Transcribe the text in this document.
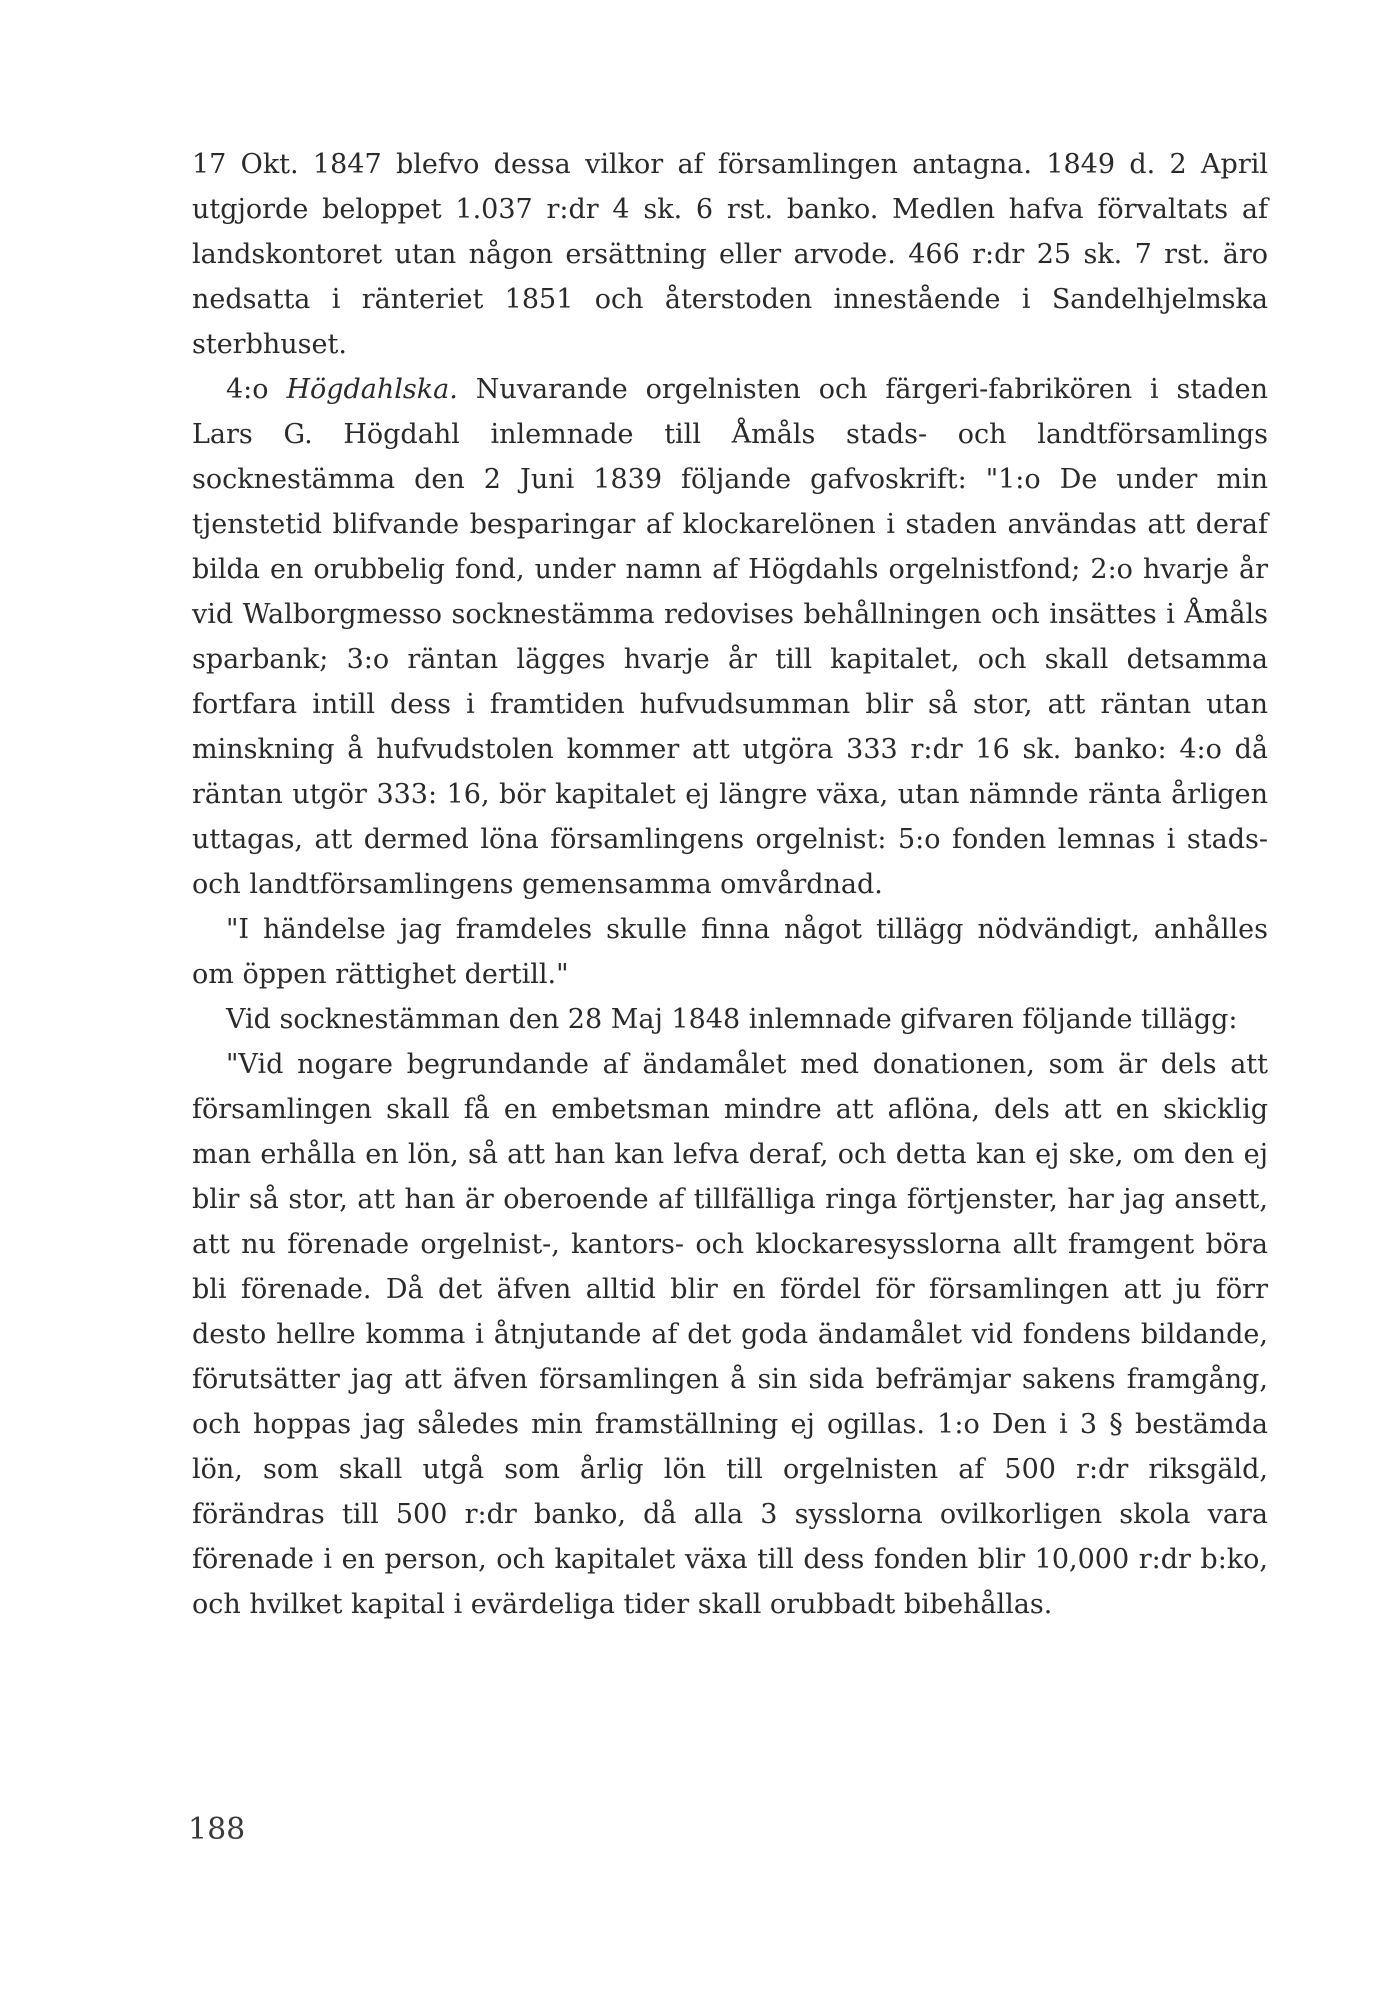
17 Okt. 1847 blefvo dessa vilkor af församlingen antagna. 1849 d. 2 April utgjorde beloppet 1.037 r:dr 4 sk. 6 rst. banko. Medlen hafva förvaltats af landskontoret utan någon ersättning eller arvode. 466 r:dr 25 sk. 7 rst. äro nedsatta i ränteriet 1851 och återstoden innestående i Sandelhjelmska sterbhuset.

4:o Högdahlska. Nuvarande orgelnisten och färgeri-fabrikören i staden Lars G. Högdahl inlemnade till Åmåls stads- och landtförsamlings socknestämma den 2 Juni 1839 följande gafvoskrift: "1:o De under min tjenstetid blifvande besparingar af klockarelönen i staden användas att deraf bilda en orubbelig fond, under namn af Högdahls orgelnistfond; 2:o hvarje år vid Walborgmesso socknestämma redovises behållningen och insättes i Åmåls sparbank; 3:o räntan lägges hvarje år till kapitalet, och skall detsamma fortfara intill dess i framtiden hufvudsumman blir så stor, att räntan utan minskning å hufvudstolen kommer att utgöra 333 r:dr 16 sk. banko: 4:o då räntan utgör 333: 16, bör kapitalet ej längre växa, utan nämnde ränta årligen uttagas, att dermed löna församlingens orgelnist: 5:o fonden lemnas i stads- och landtförsamlingens gemensamma omvårdnad.

"I händelse jag framdeles skulle finna något tillägg nödvändigt, anhålles om öppen rättighet dertill."

Vid socknestämman den 28 Maj 1848 inlemnade gifvaren följande tillägg:

"Vid nogare begrundande af ändamålet med donationen, som är dels att församlingen skall få en embetsman mindre att aflöna, dels att en skicklig man erhålla en lön, så att han kan lefva deraf, och detta kan ej ske, om den ej blir så stor, att han är oberoende af tillfälliga ringa förtjenster, har jag ansett, att nu förenade orgelnist-, kantors- och klockaresysslorna allt framgent böra bli förenade. Då det äfven alltid blir en fördel för församlingen att ju förr desto hellre komma i åtnjutande af det goda ändamålet vid fondens bildande, förutsätter jag att äfven församlingen å sin sida befrämjar sakens framgång, och hoppas jag således min framställning ej ogillas. 1:o Den i 3 § bestämda lön, som skall utgå som årlig lön till orgelnisten af 500 r:dr riksgäld, förändras till 500 r:dr banko, då alla 3 sysslorna ovilkorligen skola vara förenade i en person, och kapitalet växa till dess fonden blir 10,000 r:dr b:ko, och hvilket kapital i evärdeliga tider skall orubbadt bibehållas.

188
